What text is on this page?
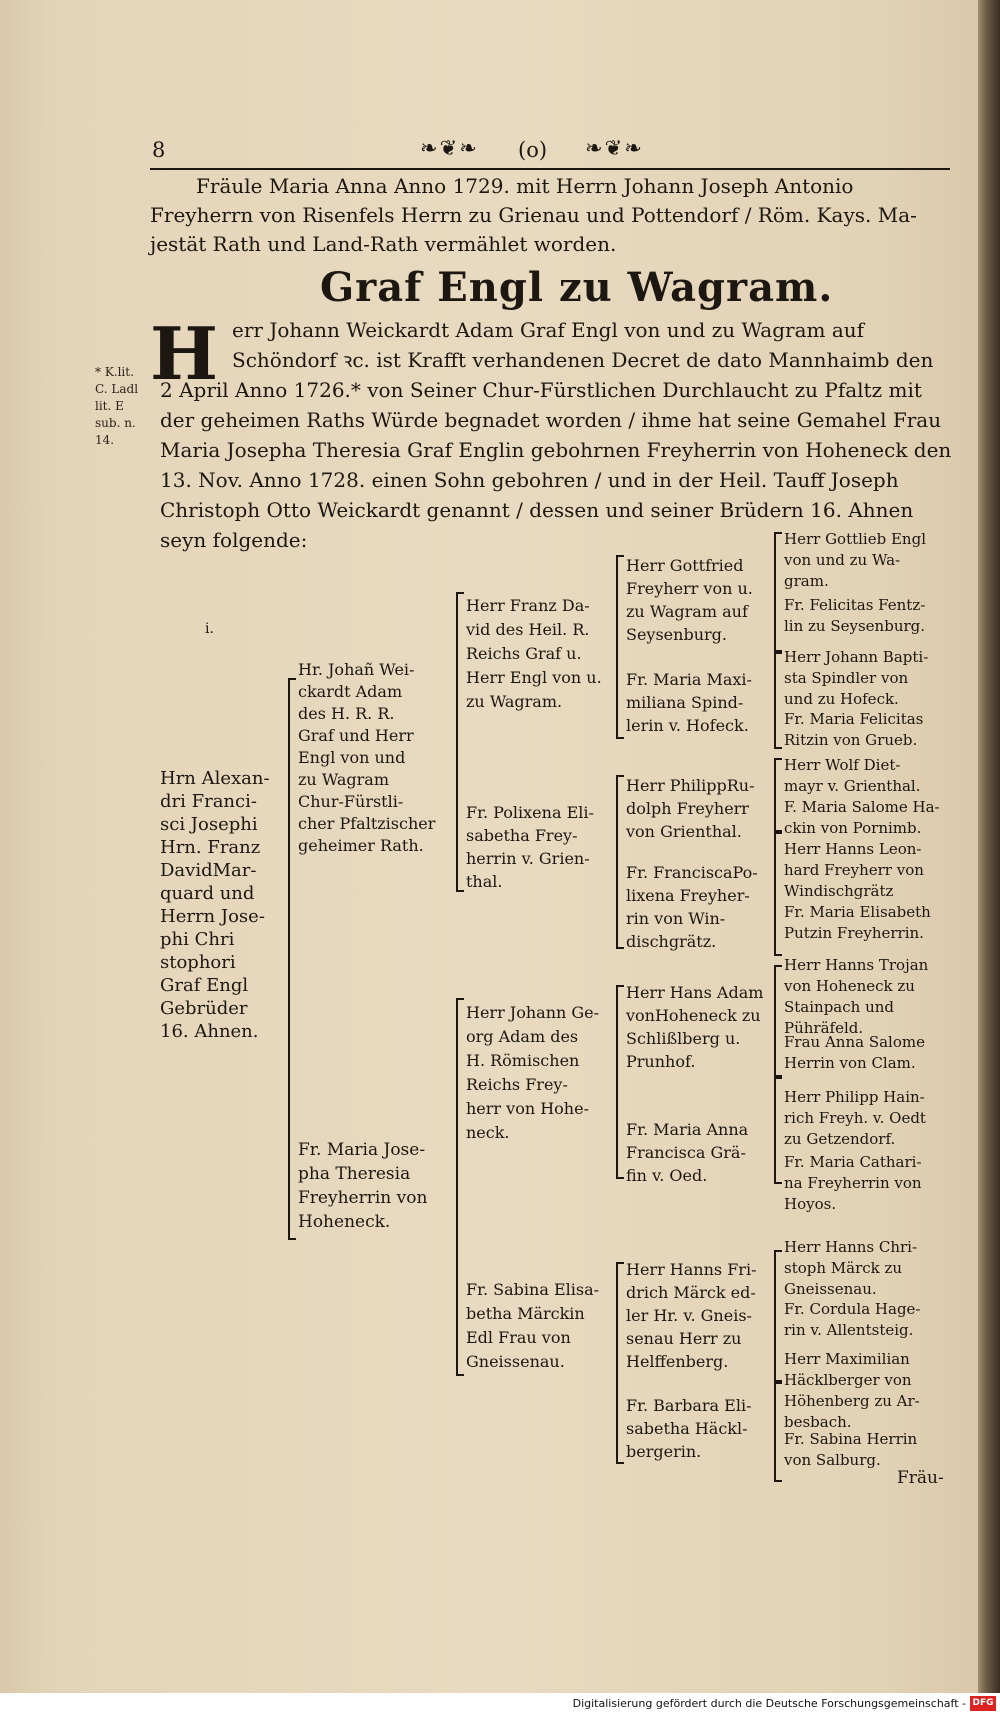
8	❧❦❧ (o) ❧❦❧
Fräule Maria Anna Anno 1729. mit Herrn Johann Joseph Antonio
Freyherrn von Risenfels Herrn zu Grienau und Pottendorf / Röm. Kays. Ma-
jestät Rath und Land-Rath vermählet worden.
Graf Engl zu Wagram.
H err Johann Weickardt Adam Graf Engl von und zu Wagram auf
Schöndorf ꝛc. ist Krafft verhandenen Decret de dato Mannhaimb den
2 April Anno 1726.* von Seiner Chur-Fürstlichen Durchlaucht zu Pfaltz mit
der geheimen Raths Würde begnadet worden / ihme hat seine Gemahel Frau
Maria Josepha Theresia Graf Englin gebohrnen Freyherrin von Hoheneck den
13. Nov. Anno 1728. einen Sohn gebohren / und in der Heil. Tauff Joseph
Christoph Otto Weickardt genannt / dessen und seiner Brüdern 16. Ahnen
seyn folgende:
* K.lit.
C. Ladl
lit. E
sub. n.
14.
i.
Hrn Alexan-
dri Franci-
sci Josephi
Hrn. Franz
DavidMar-
quard und
Herrn Jose-
phi Chri
stophori
Graf Engl
Gebrüder
16. Ahnen.
Hr. Johañ Wei-
ckardt Adam
des H. R. R.
Graf und Herr
Engl von und
zu Wagram
Chur-Fürstli-
cher Pfaltzischer
geheimer Rath.
Fr. Maria Jose-
pha Theresia
Freyherrin von
Hoheneck.
Herr Franz Da-
vid des Heil. R.
Reichs Graf u.
Herr Engl von u.
zu Wagram.
Fr. Polixena Eli-
sabetha Frey-
herrin v. Grien-
thal.
Herr Johann Ge-
org Adam des
H. Römischen
Reichs Frey-
herr von Hohe-
neck.
Fr. Sabina Elisa-
betha Märckin
Edl Frau von
Gneissenau.
Herr Gottfried
Freyherr von u.
zu Wagram auf
Seysenburg.
Fr. Maria Maxi-
miliana Spind-
lerin v. Hofeck.
Herr PhilippRu-
dolph Freyherr
von Grienthal.
Fr. FranciscaPo-
lixena Freyher-
rin von Win-
dischgrätz.
Herr Hans Adam
vonHoheneck zu
Schlißlberg u.
Prunhof.
Fr. Maria Anna
Francisca Grä-
fin v. Oed.
Herr Hanns Fri-
drich Märck ed-
ler Hr. v. Gneis-
senau Herr zu
Helffenberg.
Fr. Barbara Eli-
sabetha Häckl-
bergerin.
Herr Gottlieb Engl
von und zu Wa-
gram.
Fr. Felicitas Fentz-
lin zu Seysenburg.
Herr Johann Bapti-
sta Spindler von
und zu Hofeck.
Fr. Maria Felicitas
Ritzin von Grueb.
Herr Wolf Diet-
mayr v. Grienthal.
F. Maria Salome Ha-
ckin von Pornimb.
Herr Hanns Leon-
hard Freyherr von
Windischgrätz
Fr. Maria Elisabeth
Putzin Freyherrin.
Herr Hanns Trojan
von Hoheneck zu
Stainpach und
Pühräfeld.
Frau Anna Salome
Herrin von Clam.
Herr Philipp Hain-
rich Freyh. v. Oedt
zu Getzendorf.
Fr. Maria Cathari-
na Freyherrin von
Hoyos.
Herr Hanns Chri-
stoph Märck zu
Gneissenau.
Fr. Cordula Hage-
rin v. Allentsteig.
Herr Maximilian
Häcklberger von
Höhenberg zu Ar-
besbach.
Fr. Sabina Herrin
von Salburg.
Fräu-
Digitalisierung gefördert durch die Deutsche Forschungsgemeinschaft - DFG
